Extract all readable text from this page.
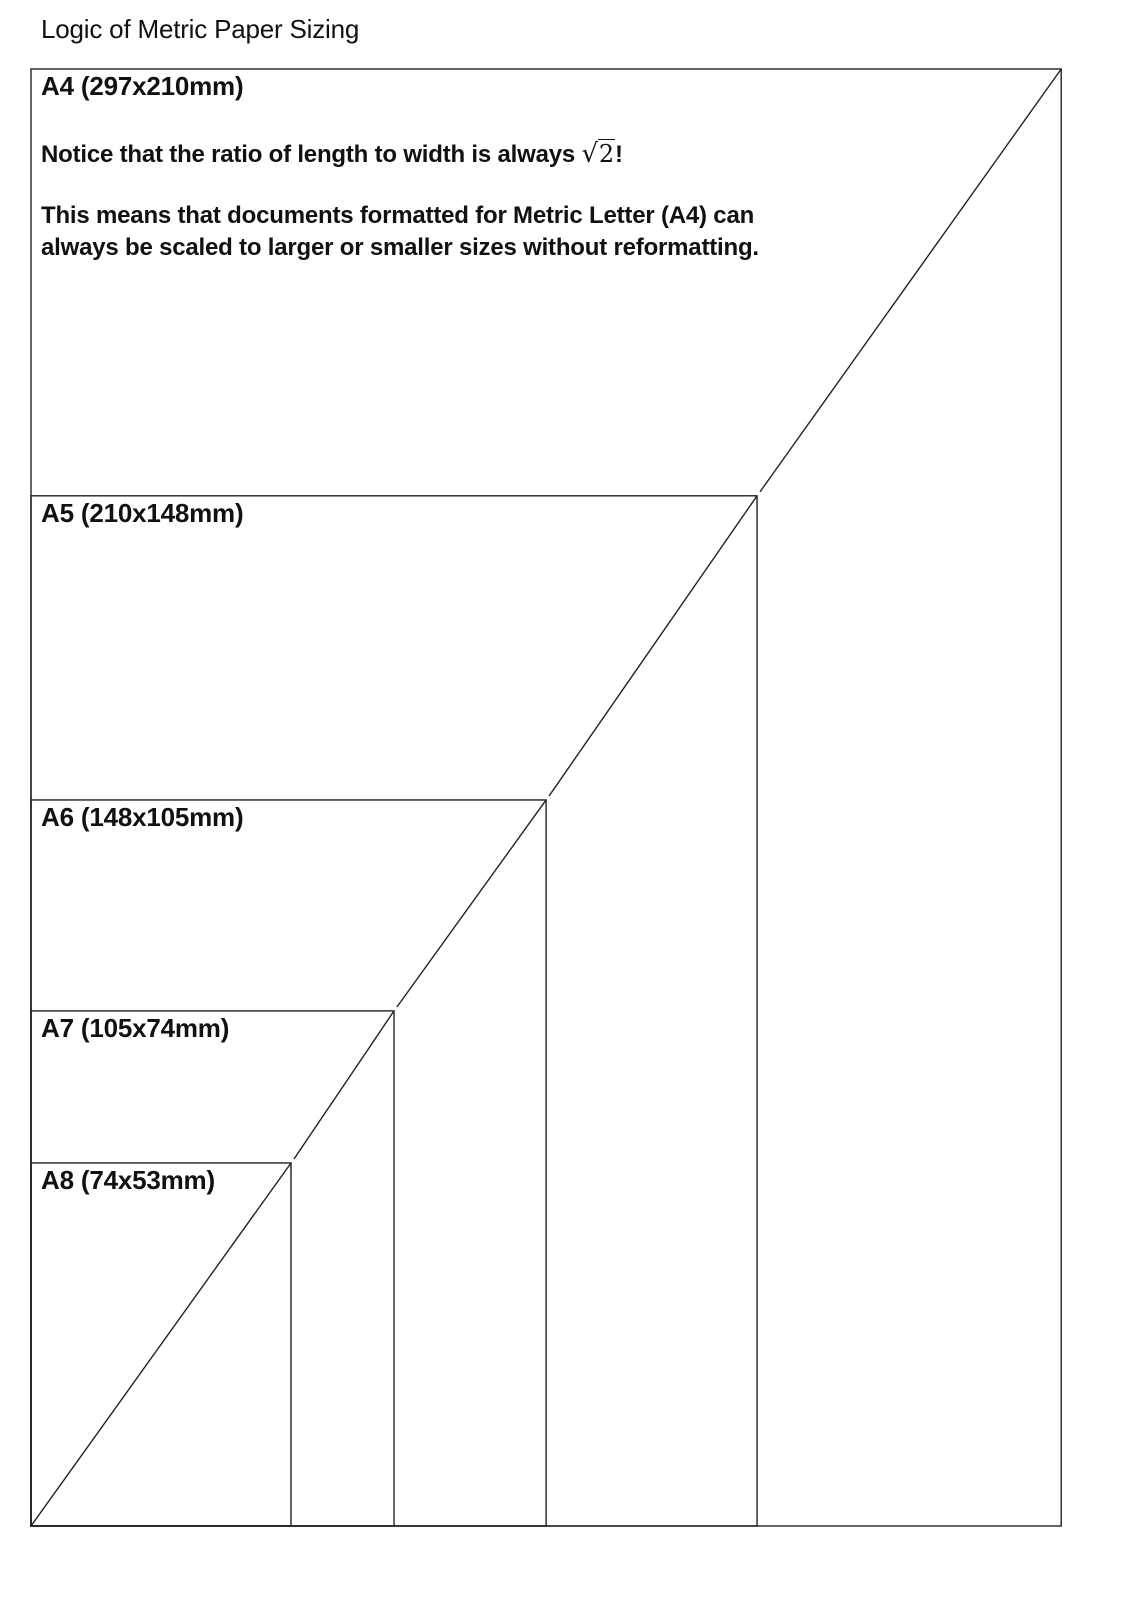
Logic of Metric Paper Sizing
A4 (297x210mm)
A5 (210x148mm)
A6 (148x105mm)
A7 (105x74mm)
A8 (74x53mm)
Notice that the ratio of length to width is always √2!
This means that documents formatted for Metric Letter (A4) can always be scaled to larger or smaller sizes without reformatting.
